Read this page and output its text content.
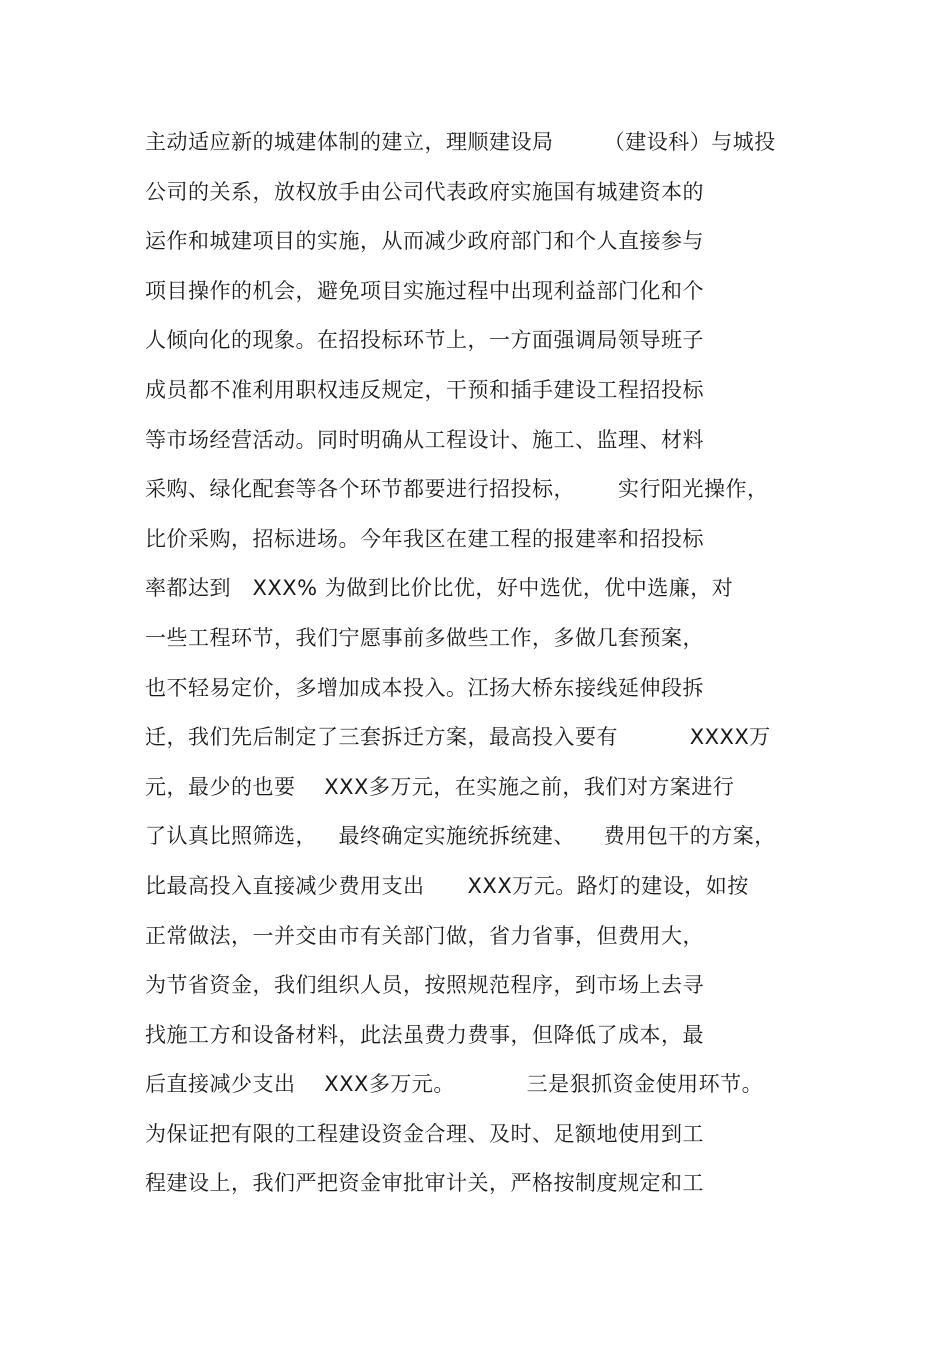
主动适应新的城建体制的建立，理顺建设局       （建设科）与城投
公司的关系，放权放手由公司代表政府实施国有城建资本的
运作和城建项目的实施，从而减少政府部门和个人直接参与
项目操作的机会，避免项目实施过程中出现利益部门化和个
人倾向化的现象。在招投标环节上，一方面强调局领导班子
成员都不准利用职权违反规定，干预和插手建设工程招投标
等市场经营活动。同时明确从工程设计、施工、监理、材料
采购、绿化配套等各个环节都要进行招投标，      实行阳光操作，
比价采购，招标进场。今年我区在建工程的报建率和招投标
率都达到   XXX% 为做到比价比优，好中选优，优中选廉，对
一些工程环节，我们宁愿事前多做些工作，多做几套预案，
也不轻易定价，多增加成本投入。江扬大桥东接线延伸段拆
迁，我们先后制定了三套拆迁方案，最高投入要有          XXXX万
元，最少的也要    XXX多万元，在实施之前，我们对方案进行
了认真比照筛选，   最终确定实施统拆统建、    费用包干的方案，
比最高投入直接减少费用支出      XXX万元。路灯的建设，如按
正常做法，一并交由市有关部门做，省力省事，但费用大，
为节省资金，我们组织人员，按照规范程序，到市场上去寻
找施工方和设备材料，此法虽费力费事，但降低了成本，最
后直接减少支出    XXX多万元。          三是狠抓资金使用环节。
为保证把有限的工程建设资金合理、及时、足额地使用到工
程建设上，我们严把资金审批审计关，严格按制度规定和工
